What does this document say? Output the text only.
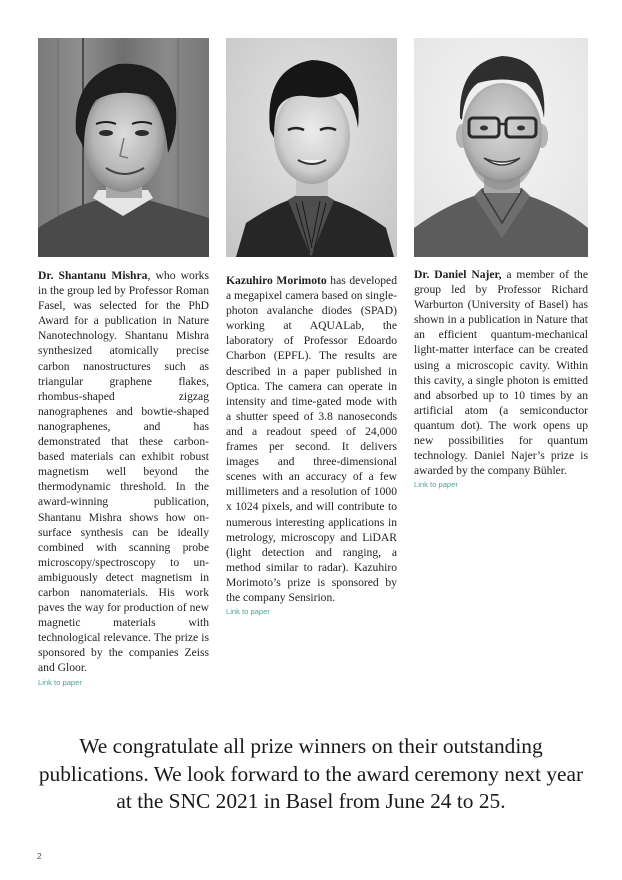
Dr. Shantanu Mishra, who works in the group led by Professor Roman Fasel, was selected for the PhD Award for a publication in Nature Nanotechnology. Shantanu Mishra synthesized atomically precise carbon nanostructures such as triangular graphene flakes, rhombus-shaped zigzag nanographenes and bowtie-shaped nanographenes, and has demonstrated that these carbon-based materials can exhibit robust magnetism well beyond the thermodynamic threshold. In the award-winning publication, Shantanu Mishra shows how on-surface synthesis can be ideally combined with scanning probe microscopy/spectroscopy to unambiguously detect magnetism in carbon nanomaterials. His work paves the way for production of new magnetic materials with technological relevance. The prize is sponsored by the companies Zeiss and Gloor.
Link to paper
Kazuhiro Morimoto has developed a megapixel camera based on single-photon avalanche diodes (SPAD) working at AQUALab, the laboratory of Professor Edoardo Charbon (EPFL). The results are described in a paper published in Optica. The camera can operate in intensity and time-gated mode with a shutter speed of 3.8 nanoseconds and a readout speed of 24,000 frames per second. It delivers images and three-dimensional scenes with an accuracy of a few millimeters and a resolution of 1000 x 1024 pixels, and will contribute to numerous interesting applications in metrology, microscopy and LiDAR (light detection and ranging, a method similar to radar). Kazuhiro Morimoto’s prize is sponsored by the company Sensirion.
Link to paper
Dr. Daniel Najer, a member of the group led by Professor Richard Warburton (University of Basel) has shown in a publication in Nature that an efficient quantum-mechanical light-matter interface can be created using a microscopic cavity. Within this cavity, a single photon is emitted and absorbed up to 10 times by an artificial atom (a semiconductor quantum dot). The work opens up new possibilities for quantum technology. Daniel Najer’s prize is awarded by the company Bühler.
Link to paper

We congratulate all prize winners on their outstanding publications. We look forward to the award ceremony next year at the SNC 2021 in Basel from June 24 to 25.

2
